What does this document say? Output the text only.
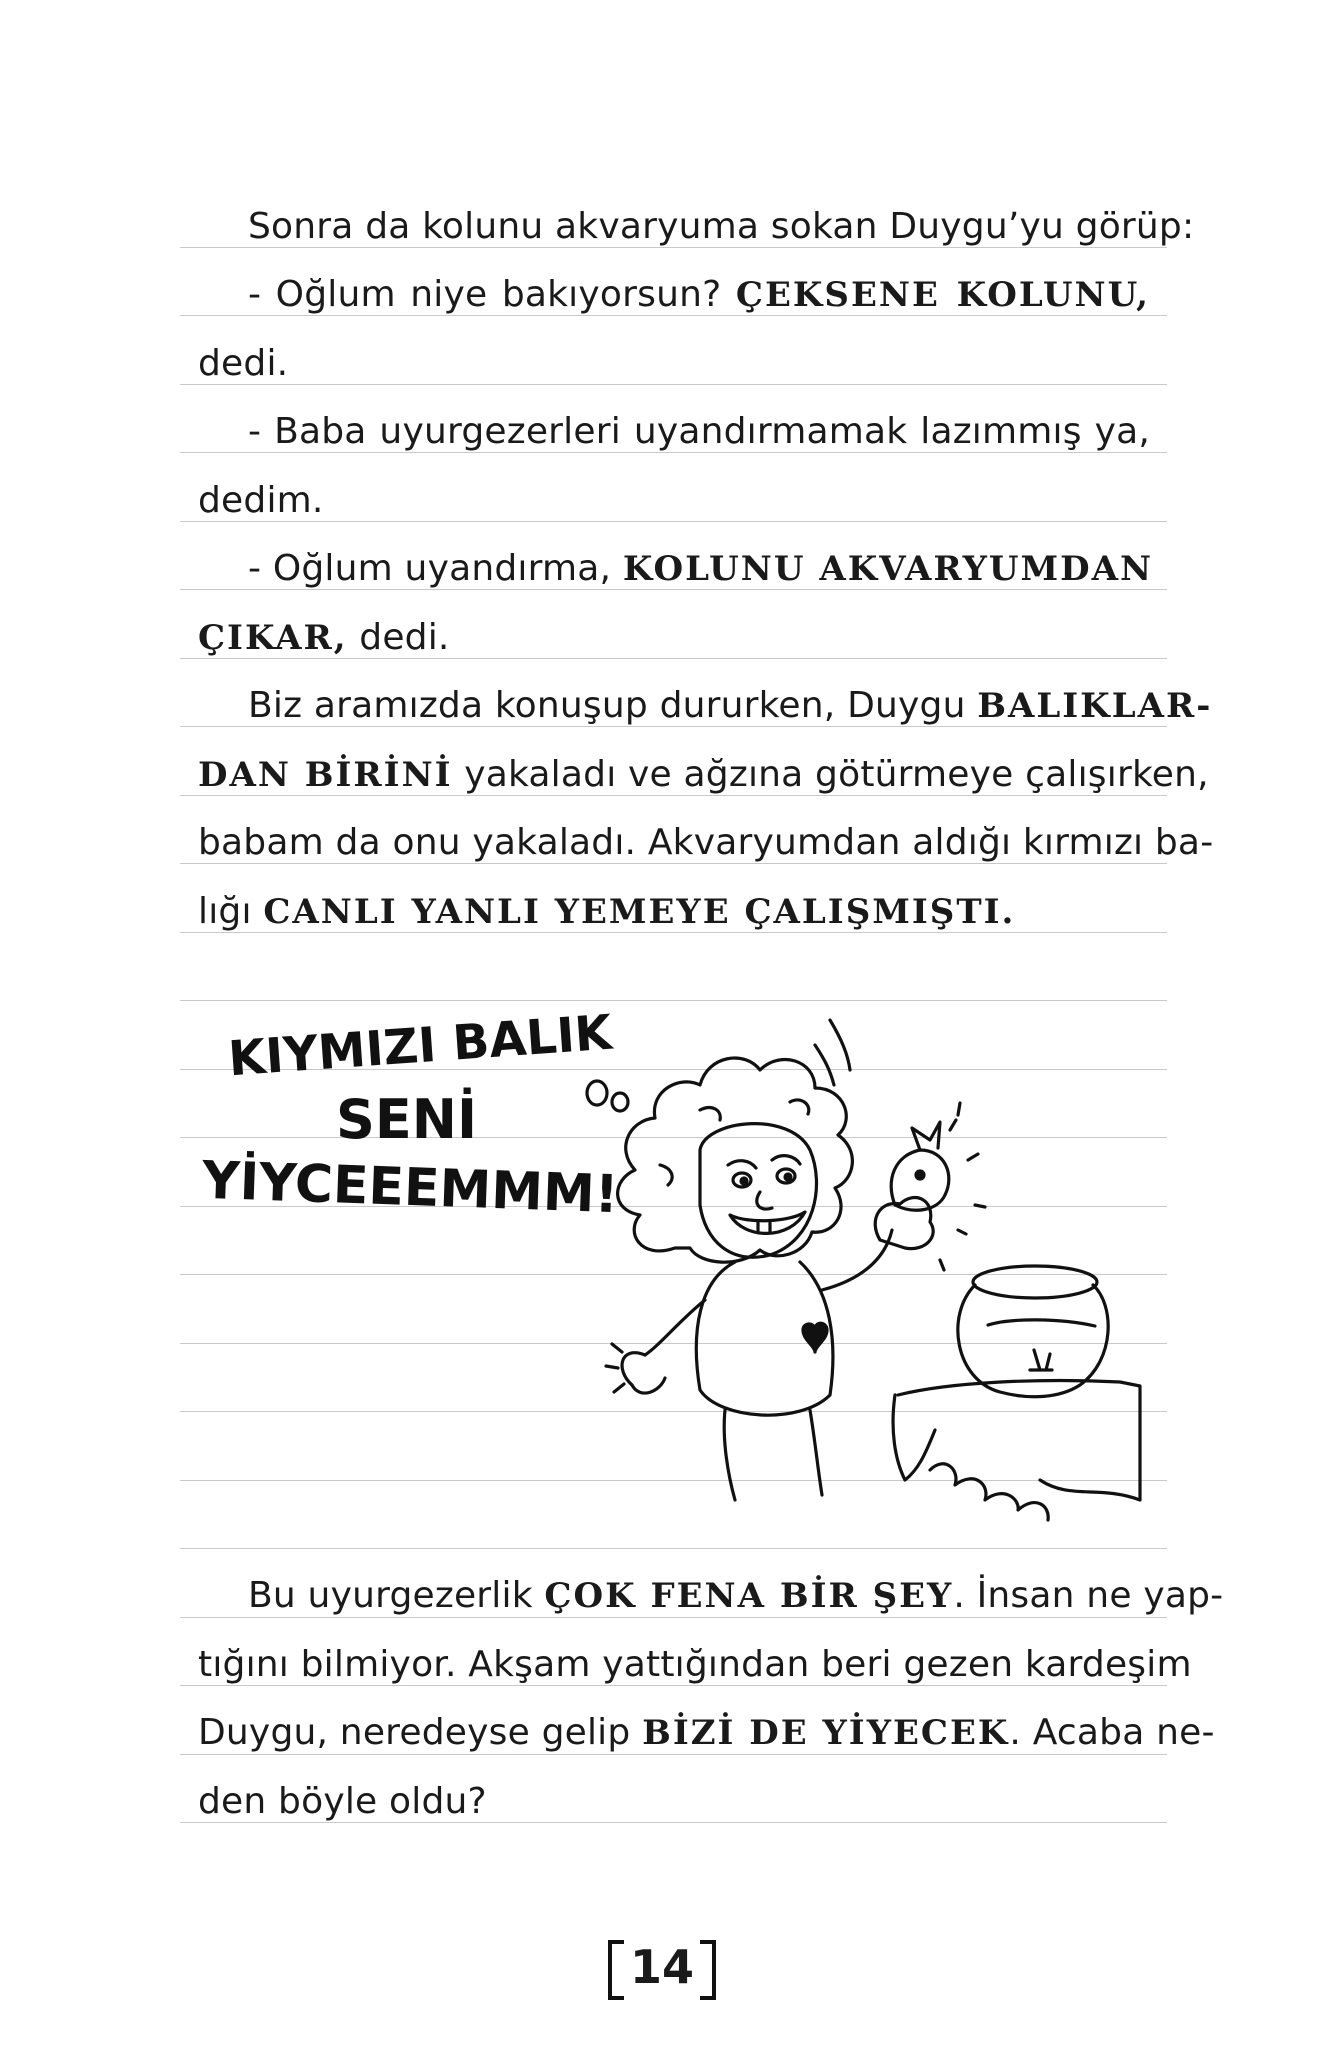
Sonra da kolunu akvaryuma sokan Duygu’yu görüp:
- Oğlum niye bakıyorsun? ÇEKSENE KOLUNU,
dedi.
- Baba uyurgezerleri uyandırmamak lazımmış ya,
dedim.
- Oğlum uyandırma, KOLUNU AKVARYUMDAN
ÇIKAR, dedi.
Biz aramızda konuşup dururken, Duygu BALIKLAR-
DAN BİRİNİ yakaladı ve ağzına götürmeye çalışırken,
babam da onu yakaladı. Akvaryumdan aldığı kırmızı ba-
lığı CANLI YANLI YEMEYE ÇALIŞMIŞTI.
KIYMIZI BALIK
SENİ
YİYCEEEMMM!
Bu uyurgezerlik ÇOK FENA BİR ŞEY. İnsan ne yap-
tığını bilmiyor. Akşam yattığından beri gezen kardeşim
Duygu, neredeyse gelip BİZİ DE YİYECEK. Acaba ne-
den böyle oldu?
14
